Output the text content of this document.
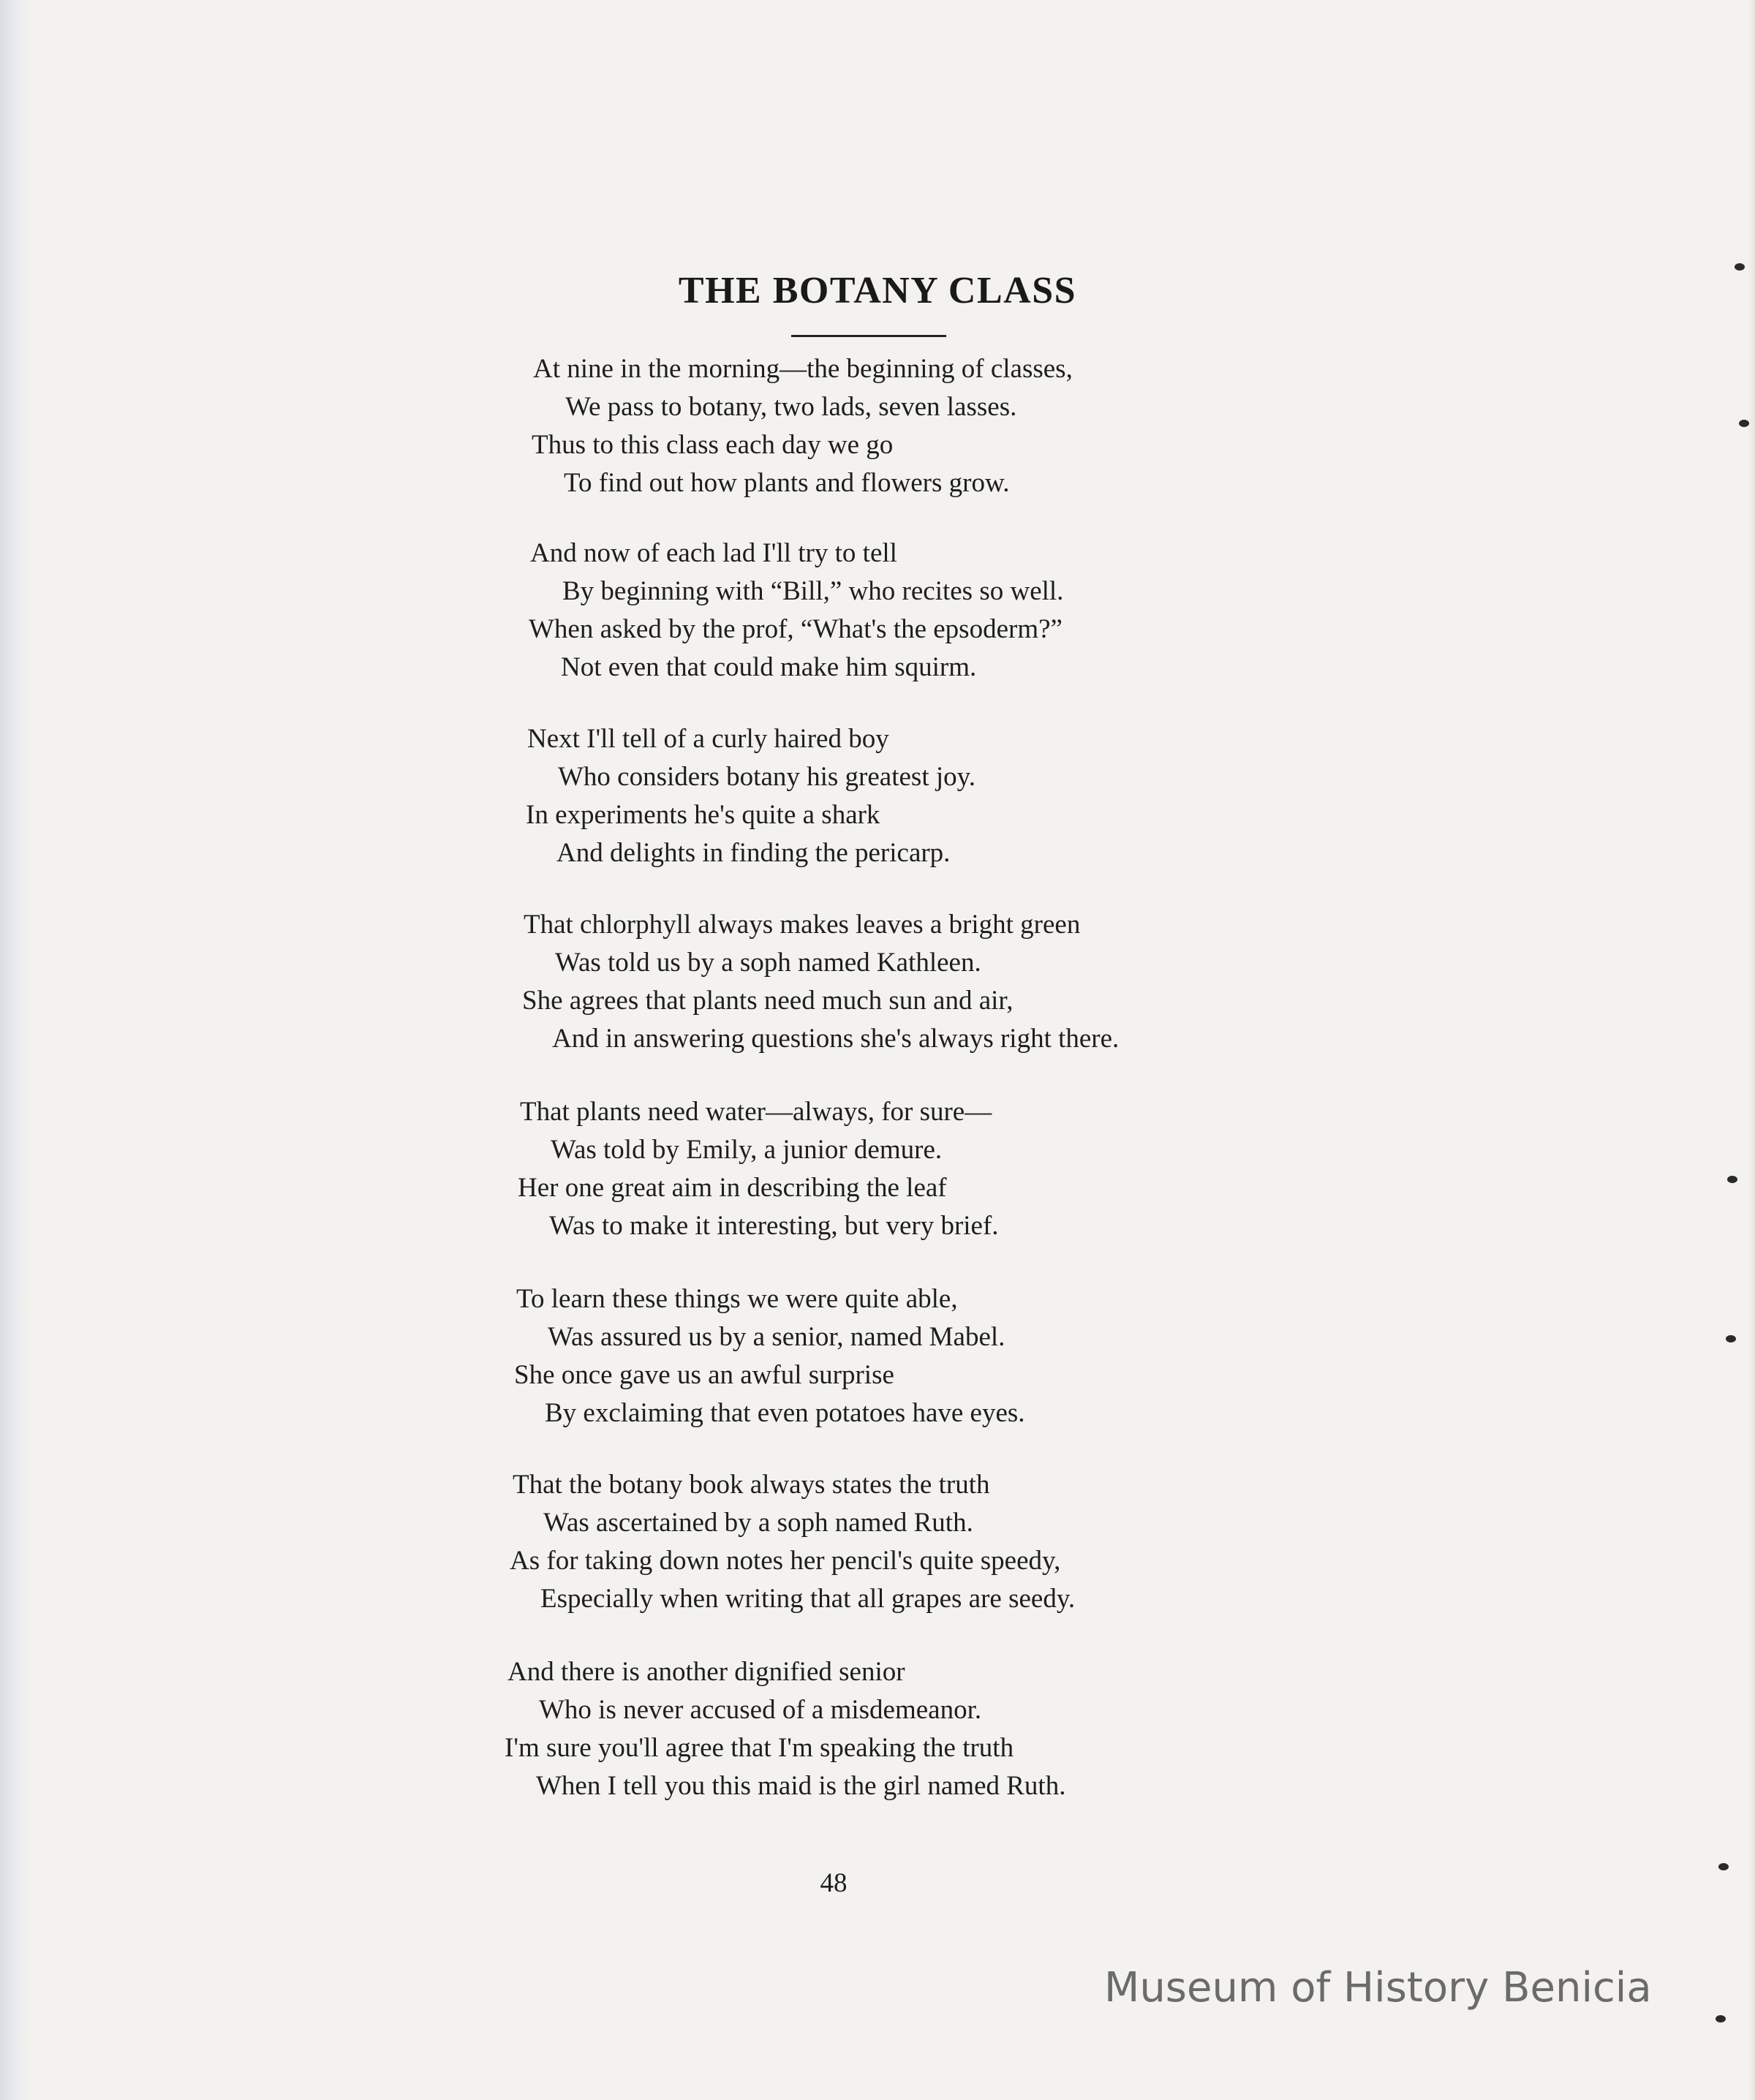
THE BOTANY CLASS
At nine in the morning—the beginning of classes,
We pass to botany, two lads, seven lasses.
Thus to this class each day we go
To find out how plants and flowers grow.
And now of each lad I'll try to tell
By beginning with “Bill,” who recites so well.
When asked by the prof, “What's the epsoderm?”
Not even that could make him squirm.
Next I'll tell of a curly haired boy
Who considers botany his greatest joy.
In experiments he's quite a shark
And delights in finding the pericarp.
That chlorphyll always makes leaves a bright green
Was told us by a soph named Kathleen.
She agrees that plants need much sun and air,
And in answering questions she's always right there.
That plants need water—always, for sure—
Was told by Emily, a junior demure.
Her one great aim in describing the leaf
Was to make it interesting, but very brief.
To learn these things we were quite able,
Was assured us by a senior, named Mabel.
She once gave us an awful surprise
By exclaiming that even potatoes have eyes.
That the botany book always states the truth
Was ascertained by a soph named Ruth.
As for taking down notes her pencil's quite speedy,
Especially when writing that all grapes are seedy.
And there is another dignified senior
Who is never accused of a misdemeanor.
I'm sure you'll agree that I'm speaking the truth
When I tell you this maid is the girl named Ruth.
48
Museum of History Benicia
